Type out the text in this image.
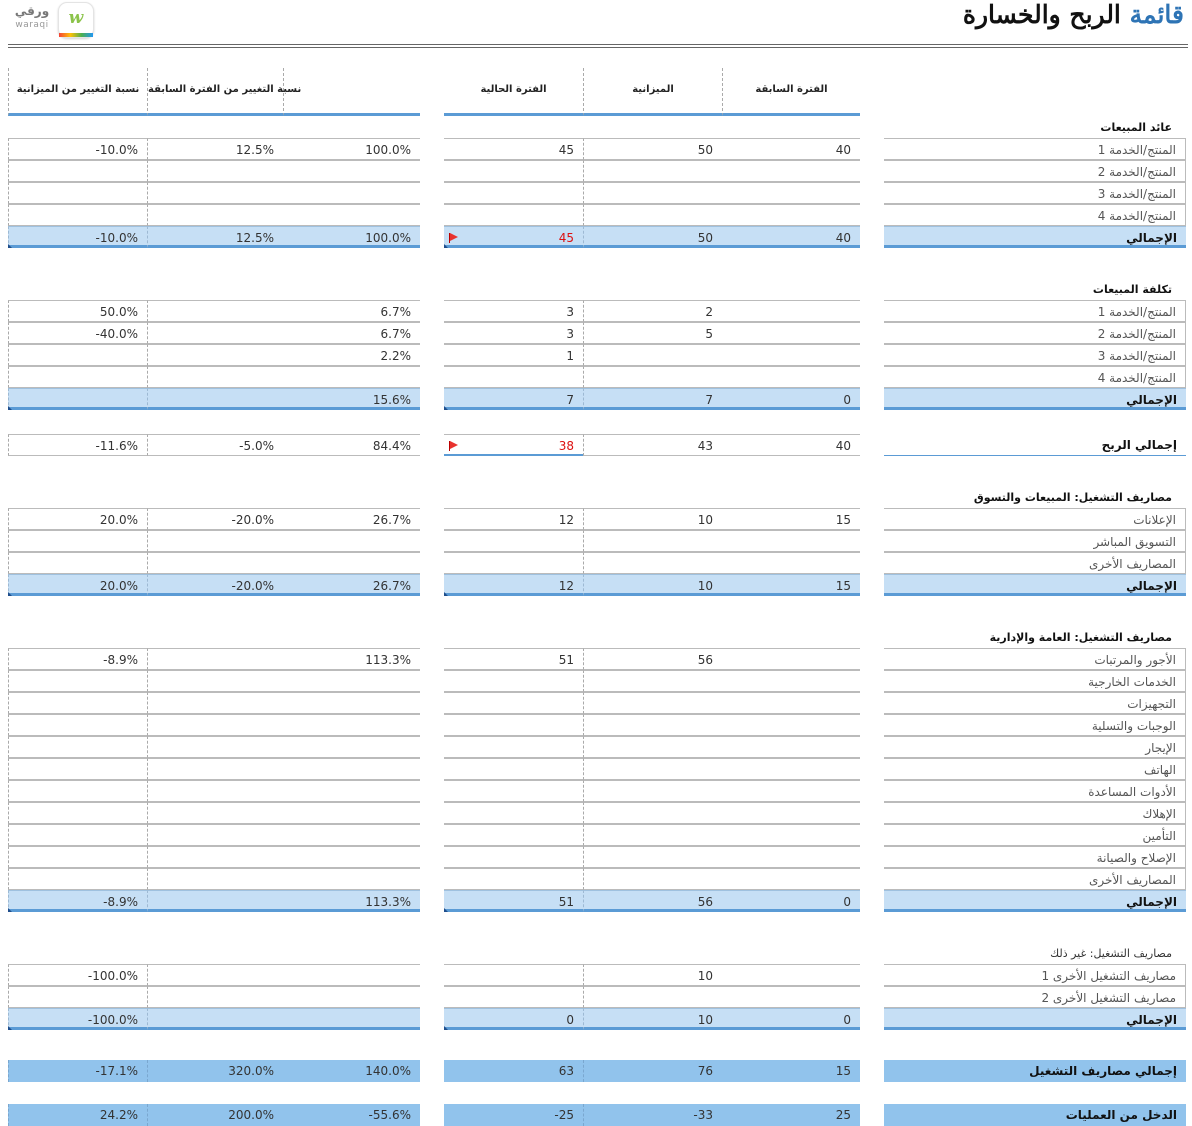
ورقي
waraqi	w	قائمة الربح والخسارة
الفترة السابقة
الميزانية
الفترة الحالية
نسبة التغيير من الفترة السابقة
نسبة التغيير من الميزانية
عائد المبيعات
المنتج/الخدمة 1
40
50
45
100.0%
12.5%
-10.0%
المنتج/الخدمة 2
المنتج/الخدمة 3
المنتج/الخدمة 4
الإجمالي
40
50
45
100.0%
12.5%
-10.0%
تكلفة المبيعات
المنتج/الخدمة 1
2
3
6.7%
50.0%
المنتج/الخدمة 2
5
3
6.7%
-40.0%
المنتج/الخدمة 3
1
2.2%
المنتج/الخدمة 4
الإجمالي
0
7
7
15.6%
إجمالي الربح
40
43
38
84.4%
-5.0%
-11.6%
مصاريف التشغيل: المبيعات والتسوق
الإعلانات
15
10
12
26.7%
-20.0%
20.0%
التسويق المباشر
المصاريف الأخرى
الإجمالي
15
10
12
26.7%
-20.0%
20.0%
مصاريف التشغيل: العامة والإدارية
الأجور والمرتبات
56
51
113.3%
-8.9%
الخدمات الخارجية
التجهيزات
الوجبات والتسلية
الإيجار
الهاتف
الأدوات المساعدة
الإهلاك
التأمين
الإصلاح والصيانة
المصاريف الأخرى
الإجمالي
0
56
51
113.3%
-8.9%
مصاريف التشغيل: غير ذلك
مصاريف التشغيل الأخرى 1
10
-100.0%
مصاريف التشغيل الأخرى 2
الإجمالي
0
10
0
-100.0%
إجمالي مصاريف التشغيل
15
76
63
140.0%
320.0%
-17.1%
الدخل من العمليات
25
-33
-25
-55.6%
200.0%
24.2%
